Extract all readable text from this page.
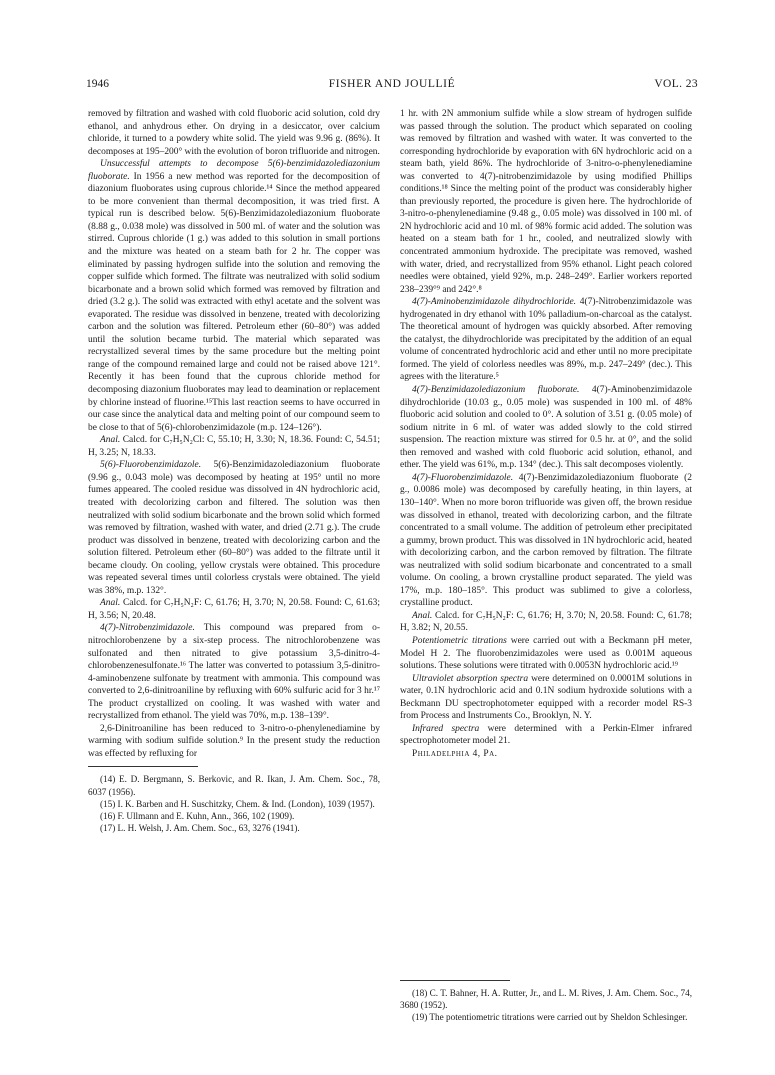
1946	FISHER AND JOULLIÉ	VOL. 23

removed by filtration and washed with cold fluoboric acid solution, cold dry ethanol, and anhydrous ether. On drying in a desiccator, over calcium chloride, it turned to a powdery white solid. The yield was 9.96 g. (86%). It decomposes at 195–200° with the evolution of boron trifluoride and nitrogen.

Unsuccessful attempts to decompose 5(6)-benzimidazolediazonium fluoborate. In 1956 a new method was reported for the decomposition of diazonium fluoborates using cuprous chloride.¹⁴ Since the method appeared to be more convenient than thermal decomposition, it was tried first. A typical run is described below. 5(6)-Benzimidazolediazonium fluoborate (8.88 g., 0.038 mole) was dissolved in 500 ml. of water and the solution was stirred. Cuprous chloride (1 g.) was added to this solution in small portions and the mixture was heated on a steam bath for 2 hr. The copper was eliminated by passing hydrogen sulfide into the solution and removing the copper sulfide which formed. The filtrate was neutralized with solid sodium bicarbonate and a brown solid which formed was removed by filtration and dried (3.2 g.). The solid was extracted with ethyl acetate and the solvent was evaporated. The residue was dissolved in benzene, treated with decolorizing carbon and the solution was filtered. Petroleum ether (60–80°) was added until the solution became turbid. The material which separated was recrystallized several times by the same procedure but the melting point range of the compound remained large and could not be raised above 121°. Recently it has been found that the cuprous chloride method for decomposing diazonium fluoborates may lead to deamination or replacement by chlorine instead of fluorine.¹⁵This last reaction seems to have occurred in our case since the analytical data and melting point of our compound seem to be close to that of 5(6)-chlorobenzimidazole (m.p. 124–126°).

Anal. Calcd. for C₇H₅N₂Cl: C, 55.10; H, 3.30; N, 18.36. Found: C, 54.51; H, 3.25; N, 18.33.

5(6)-Fluorobenzimidazole. 5(6)-Benzimidazolediazonium fluoborate (9.96 g., 0.043 mole) was decomposed by heating at 195° until no more fumes appeared. The cooled residue was dissolved in 4N hydrochloric acid, treated with decolorizing carbon and filtered. The solution was then neutralized with solid sodium bicarbonate and the brown solid which formed was removed by filtration, washed with water, and dried (2.71 g.). The crude product was dissolved in benzene, treated with decolorizing carbon and the solution filtered. Petroleum ether (60–80°) was added to the filtrate until it became cloudy. On cooling, yellow crystals were obtained. This procedure was repeated several times until colorless crystals were obtained. The yield was 38%, m.p. 132°.

Anal. Calcd. for C₇H₅N₂F: C, 61.76; H, 3.70; N, 20.58. Found: C, 61.63; H, 3.56; N, 20.48.

4(7)-Nitrobenzimidazole. This compound was prepared from o-nitrochlorobenzene by a six-step process. The nitrochlorobenzene was sulfonated and then nitrated to give potassium 3,5-dinitro-4-chlorobenzenesulfonate.¹⁶ The latter was converted to potassium 3,5-dinitro-4-aminobenzene sulfonate by treatment with ammonia. This compound was converted to 2,6-dinitroaniline by refluxing with 60% sulfuric acid for 3 hr.¹⁷ The product crystallized on cooling. It was washed with water and recrystallized from ethanol. The yield was 70%, m.p. 138–139°.

2,6-Dinitroaniline has been reduced to 3-nitro-o-phenylenediamine by warming with sodium sulfide solution.⁹ In the present study the reduction was effected by refluxing for

(14) E. D. Bergmann, S. Berkovic, and R. Ikan, J. Am. Chem. Soc., 78, 6037 (1956).

(15) I. K. Barben and H. Suschitzky, Chem. & Ind. (London), 1039 (1957).

(16) F. Ullmann and E. Kuhn, Ann., 366, 102 (1909).

(17) L. H. Welsh, J. Am. Chem. Soc., 63, 3276 (1941).

1 hr. with 2N ammonium sulfide while a slow stream of hydrogen sulfide was passed through the solution. The product which separated on cooling was removed by filtration and washed with water. It was converted to the corresponding hydrochloride by evaporation with 6N hydrochloric acid on a steam bath, yield 86%. The hydrochloride of 3-nitro-o-phenylenediamine was converted to 4(7)-nitrobenzimidazole by using modified Phillips conditions.¹⁸ Since the melting point of the product was considerably higher than previously reported, the procedure is given here. The hydrochloride of 3-nitro-o-phenylenediamine (9.48 g., 0.05 mole) was dissolved in 100 ml. of 2N hydrochloric acid and 10 ml. of 98% formic acid added. The solution was heated on a steam bath for 1 hr., cooled, and neutralized slowly with concentrated ammonium hydroxide. The precipitate was removed, washed with water, dried, and recrystallized from 95% ethanol. Light peach colored needles were obtained, yield 92%, m.p. 248–249°. Earlier workers reported 238–239°⁹ and 242°.⁸

4(7)-Aminobenzimidazole dihydrochloride. 4(7)-Nitrobenzimidazole was hydrogenated in dry ethanol with 10% palladium-on-charcoal as the catalyst. The theoretical amount of hydrogen was quickly absorbed. After removing the catalyst, the dihydrochloride was precipitated by the addition of an equal volume of concentrated hydrochloric acid and ether until no more precipitate formed. The yield of colorless needles was 89%, m.p. 247–249° (dec.). This agrees with the literature.⁵

4(7)-Benzimidazolediazonium fluoborate. 4(7)-Aminobenzimidazole dihydrochloride (10.03 g., 0.05 mole) was suspended in 100 ml. of 48% fluoboric acid solution and cooled to 0°. A solution of 3.51 g. (0.05 mole) of sodium nitrite in 6 ml. of water was added slowly to the cold stirred suspension. The reaction mixture was stirred for 0.5 hr. at 0°, and the solid then removed and washed with cold fluoboric acid solution, ethanol, and ether. The yield was 61%, m.p. 134° (dec.). This salt decomposes violently.

4(7)-Fluorobenzimidazole. 4(7)-Benzimidazolediazonium fluoborate (2 g., 0.0086 mole) was decomposed by carefully heating, in thin layers, at 130–140°. When no more boron trifluoride was given off, the brown residue was dissolved in ethanol, treated with decolorizing carbon, and the filtrate concentrated to a small volume. The addition of petroleum ether precipitated a gummy, brown product. This was dissolved in 1N hydrochloric acid, heated with decolorizing carbon, and the carbon removed by filtration. The filtrate was neutralized with solid sodium bicarbonate and concentrated to a small volume. On cooling, a brown crystalline product separated. The yield was 17%, m.p. 180–185°. This product was sublimed to give a colorless, crystalline product.

Anal. Calcd. for C₇H₅N₂F: C, 61.76; H, 3.70; N, 20.58. Found: C, 61.78; H, 3.82; N, 20.55.

Potentiometric titrations were carried out with a Beckmann pH meter, Model H 2. The fluorobenzimidazoles were used as 0.001M aqueous solutions. These solutions were titrated with 0.0053N hydrochloric acid.¹⁹

Ultraviolet absorption spectra were determined on 0.0001M solutions in water, 0.1N hydrochloric acid and 0.1N sodium hydroxide solutions with a Beckmann DU spectrophotometer equipped with a recorder model RS-3 from Process and Instruments Co., Brooklyn, N. Y.

Infrared spectra were determined with a Perkin-Elmer infrared spectrophotometer model 21.

Philadelphia 4, Pa.

(18) C. T. Bahner, H. A. Rutter, Jr., and L. M. Rives, J. Am. Chem. Soc., 74, 3680 (1952).

(19) The potentiometric titrations were carried out by Sheldon Schlesinger.
